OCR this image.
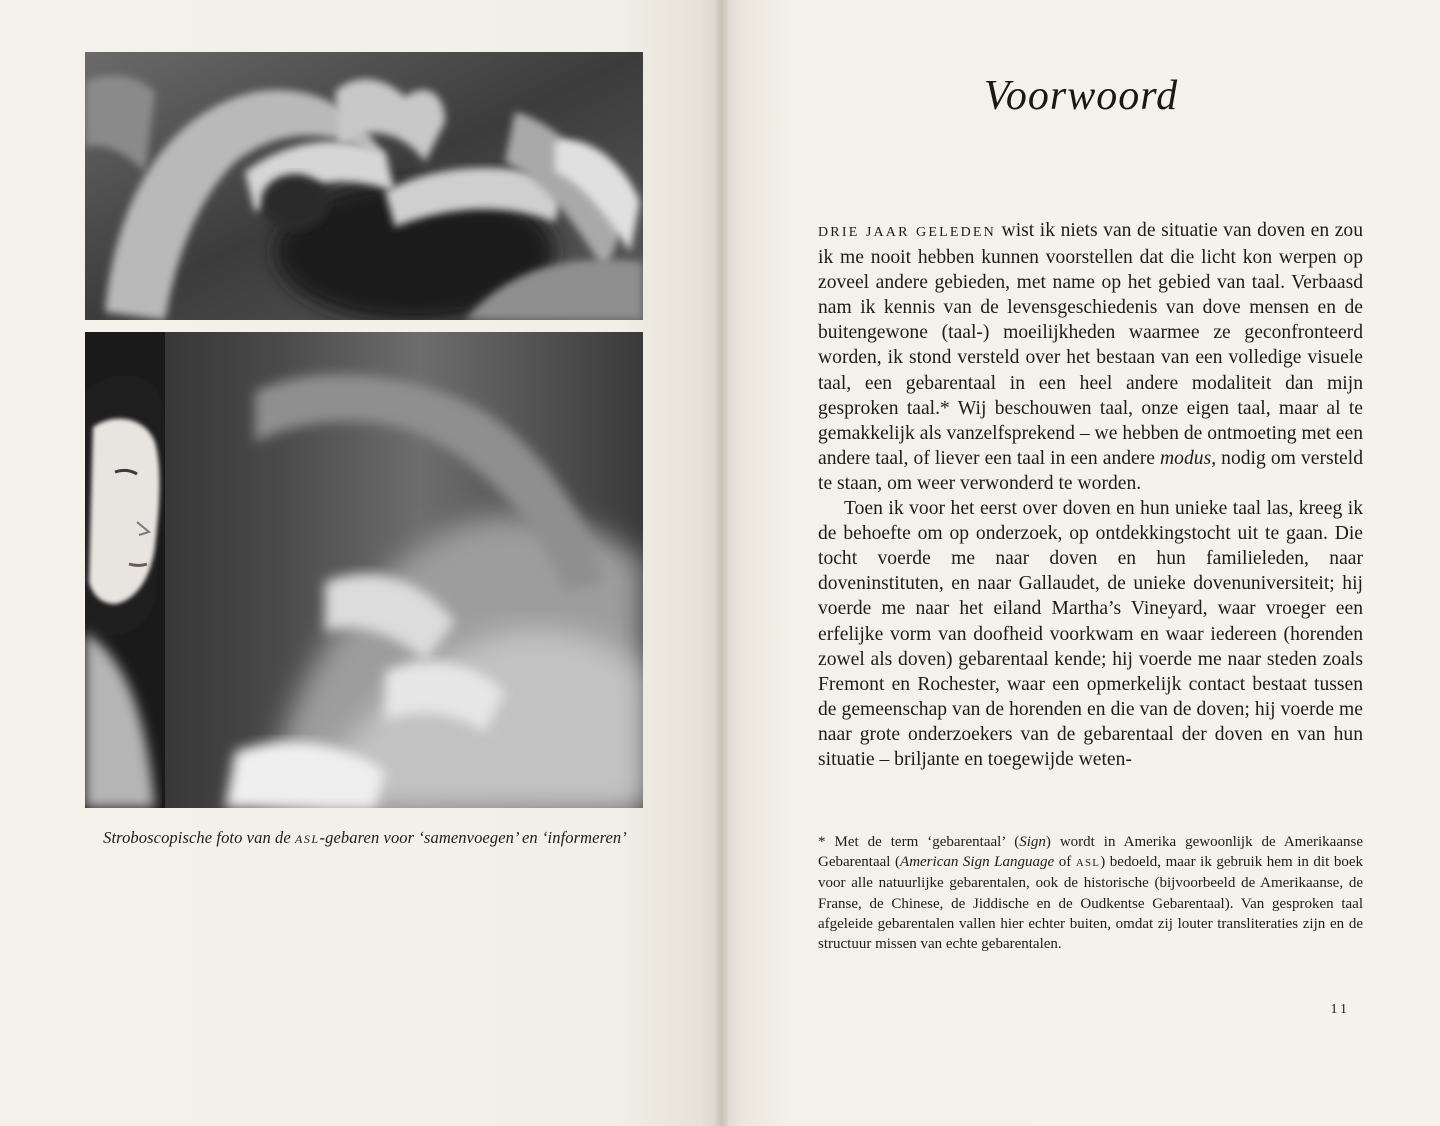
Stroboscopische foto van de ASL-gebaren voor ‘samenvoegen’ en ‘informeren’
Voorwoord

DRIE JAAR GELEDEN wist ik niets van de situatie van doven en zou ik me nooit hebben kunnen voorstellen dat die licht kon werpen op zoveel andere gebieden, met name op het gebied van taal. Verbaasd nam ik kennis van de levensgeschiedenis van dove mensen en de buitengewone (taal-) moeilijkheden waarmee ze geconfronteerd worden, ik stond versteld over het bestaan van een volledige visuele taal, een gebarentaal in een heel andere modaliteit dan mijn gesproken taal.* Wij beschouwen taal, onze eigen taal, maar al te gemakkelijk als vanzelfsprekend – we hebben de ontmoeting met een andere taal, of liever een taal in een andere modus, nodig om versteld te staan, om weer verwonderd te worden.

Toen ik voor het eerst over doven en hun unieke taal las, kreeg ik de behoefte om op onderzoek, op ontdekkingstocht uit te gaan. Die tocht voerde me naar doven en hun familieleden, naar doveninstituten, en naar Gallaudet, de unieke dovenuniversiteit; hij voerde me naar het eiland Martha’s Vineyard, waar vroeger een erfelijke vorm van doofheid voorkwam en waar iedereen (horenden zowel als doven) gebarentaal kende; hij voerde me naar steden zoals Fremont en Rochester, waar een opmerkelijk contact bestaat tussen de gemeenschap van de horenden en die van de doven; hij voerde me naar grote onderzoekers van de gebarentaal der doven en van hun situatie – briljante en toegewijde weten-

* Met de term ‘gebarentaal’ (Sign) wordt in Amerika gewoonlijk de Amerikaanse Gebarentaal (American Sign Language of ASL) bedoeld, maar ik gebruik hem in dit boek voor alle natuurlijke gebarentalen, ook de historische (bijvoorbeeld de Amerikaanse, de Franse, de Chinese, de Jiddische en de Oudkentse Gebarentaal). Van gesproken taal afgeleide gebarentalen vallen hier echter buiten, omdat zij louter transliteraties zijn en de structuur missen van echte gebarentalen.
11
